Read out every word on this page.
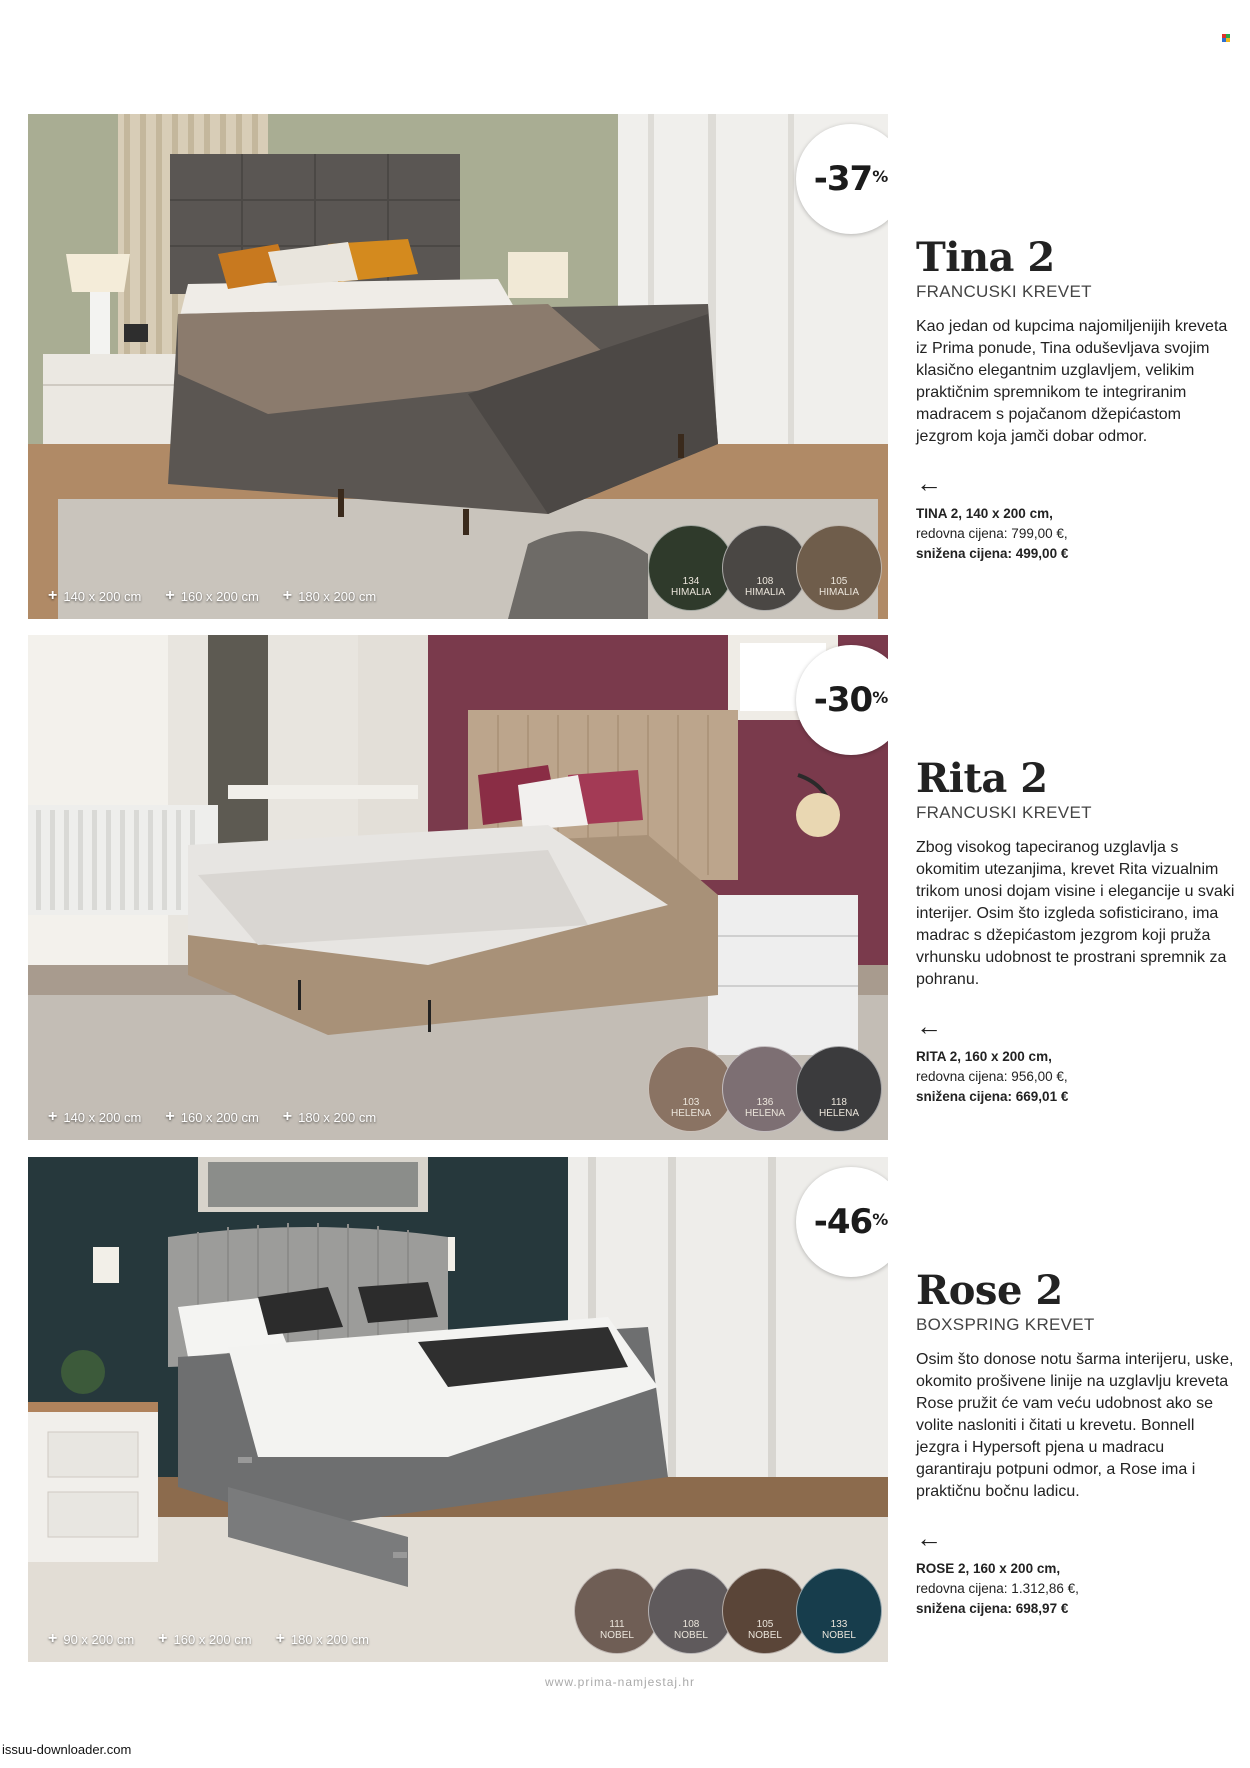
-37 %
+ 140 x 200 cm + 160 x 200 cm + 180 x 200 cm
134
HIMALIA
108
HIMALIA
105
HIMALIA
Tina 2
FRANCUSKI KREVET
Kao jedan od kupcima najomiljenijih kreveta iz Prima ponude, Tina oduševljava svojim klasično elegantnim uzglavljem, velikim praktičnim spremnikom te integriranim madracem s pojačanom džepićastom jezgrom koja jamči dobar odmor.
←
TINA 2, 140 x 200 cm,
redovna cijena: 799,00 €,
snižena cijena: 499,00 €
-30 %
+ 140 x 200 cm + 160 x 200 cm + 180 x 200 cm
103
HELENA
136
HELENA
118
HELENA
Rita 2
FRANCUSKI KREVET
Zbog visokog tapeciranog uzglavlja s okomitim utezanjima, krevet Rita vizualnim trikom unosi dojam visine i elegancije u svaki interijer. Osim što izgleda sofisticirano, ima madrac s džepićastom jezgrom koji pruža vrhunsku udobnost te prostrani spremnik za pohranu.
←
RITA 2, 160 x 200 cm,
redovna cijena: 956,00 €,
snižena cijena: 669,01 €
-46 %
+ 90 x 200 cm + 160 x 200 cm + 180 x 200 cm
111
NOBEL
108
NOBEL
105
NOBEL
133
NOBEL
Rose 2
BOXSPRING KREVET
Osim što donose notu šarma interijeru, uske, okomito prošivene linije na uzglavlju kreveta Rose pružit će vam veću udobnost ako se volite nasloniti i čitati u krevetu. Bonnell jezgra i Hypersoft pjena u madracu garantiraju potpuni odmor, a Rose ima i praktičnu bočnu ladicu.
←
ROSE 2, 160 x 200 cm,
redovna cijena: 1.312,86 €,
snižena cijena: 698,97 €
www.prima-namjestaj.hr
issuu-downloader.com
